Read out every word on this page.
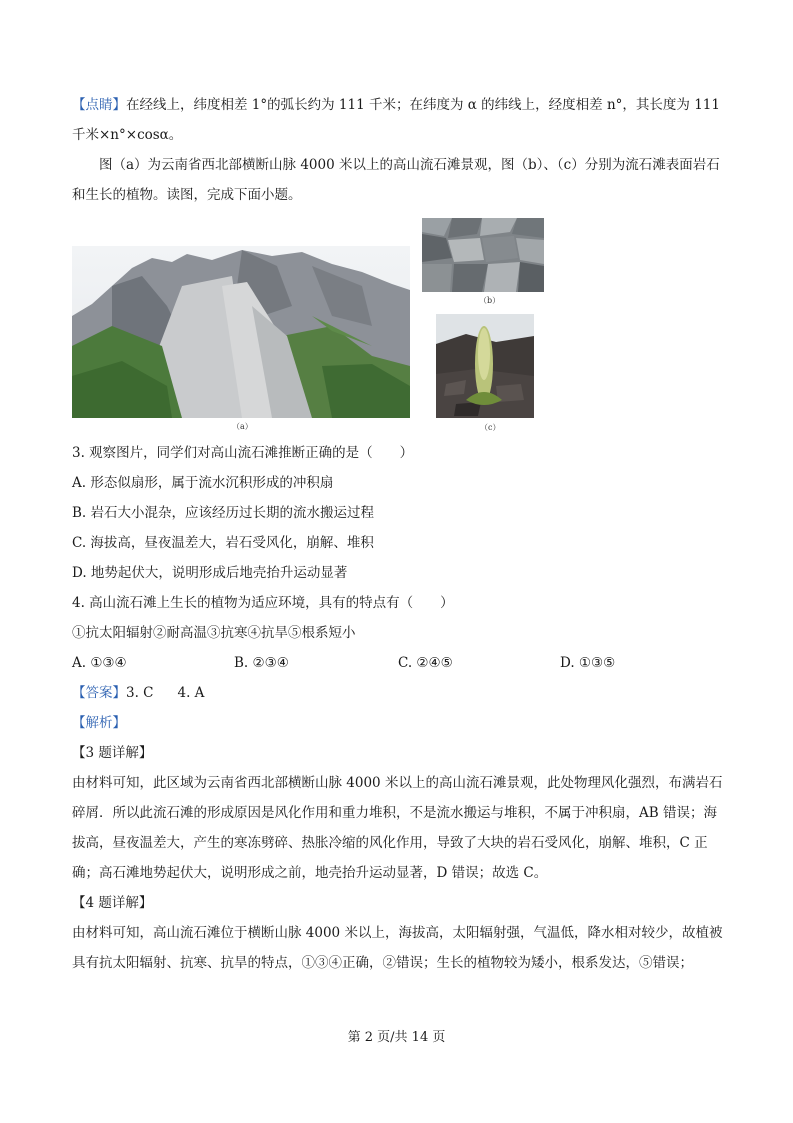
【点睛】在经线上，纬度相差 1°的弧长约为 111 千米；在纬度为 α 的纬线上，经度相差 n°，其长度为 111 千米×n°×cosα。

图（a）为云南省西北部横断山脉 4000 米以上的高山流石滩景观，图（b）、（c）分别为流石滩表面岩石和生长的植物。读图，完成下面小题。

（a）
（b）
（c）

3. 观察图片，同学们对高山流石滩推断正确的是（　　）

A. 形态似扇形，属于流水沉积形成的冲积扇

B. 岩石大小混杂，应该经历过长期的流水搬运过程

C. 海拔高，昼夜温差大，岩石受风化，崩解、堆积

D. 地势起伏大，说明形成后地壳抬升运动显著

4. 高山流石滩上生长的植物为适应环境，具有的特点有（　　）

①抗太阳辐射②耐高温③抗寒④抗旱⑤根系短小

A. ①③④	B. ②③④	C. ②④⑤	D. ①③⑤

【答案】3. C 4. A

【解析】

【3 题详解】

由材料可知，此区域为云南省西北部横断山脉 4000 米以上的高山流石滩景观，此处物理风化强烈，布满岩石碎屑．所以此流石滩的形成原因是风化作用和重力堆积，不是流水搬运与堆积，不属于冲积扇，AB 错误；海拔高，昼夜温差大，产生的寒冻劈碎、热胀冷缩的风化作用，导致了大块的岩石受风化，崩解、堆积，C 正确；高石滩地势起伏大，说明形成之前，地壳抬升运动显著，D 错误；故选 C。

【4 题详解】

由材料可知，高山流石滩位于横断山脉 4000 米以上，海拔高，太阳辐射强，气温低，降水相对较少，故植被具有抗太阳辐射、抗寒、抗旱的特点，①③④正确，②错误；生长的植物较为矮小，根系发达，⑤错误；

第 2 页/共 14 页
